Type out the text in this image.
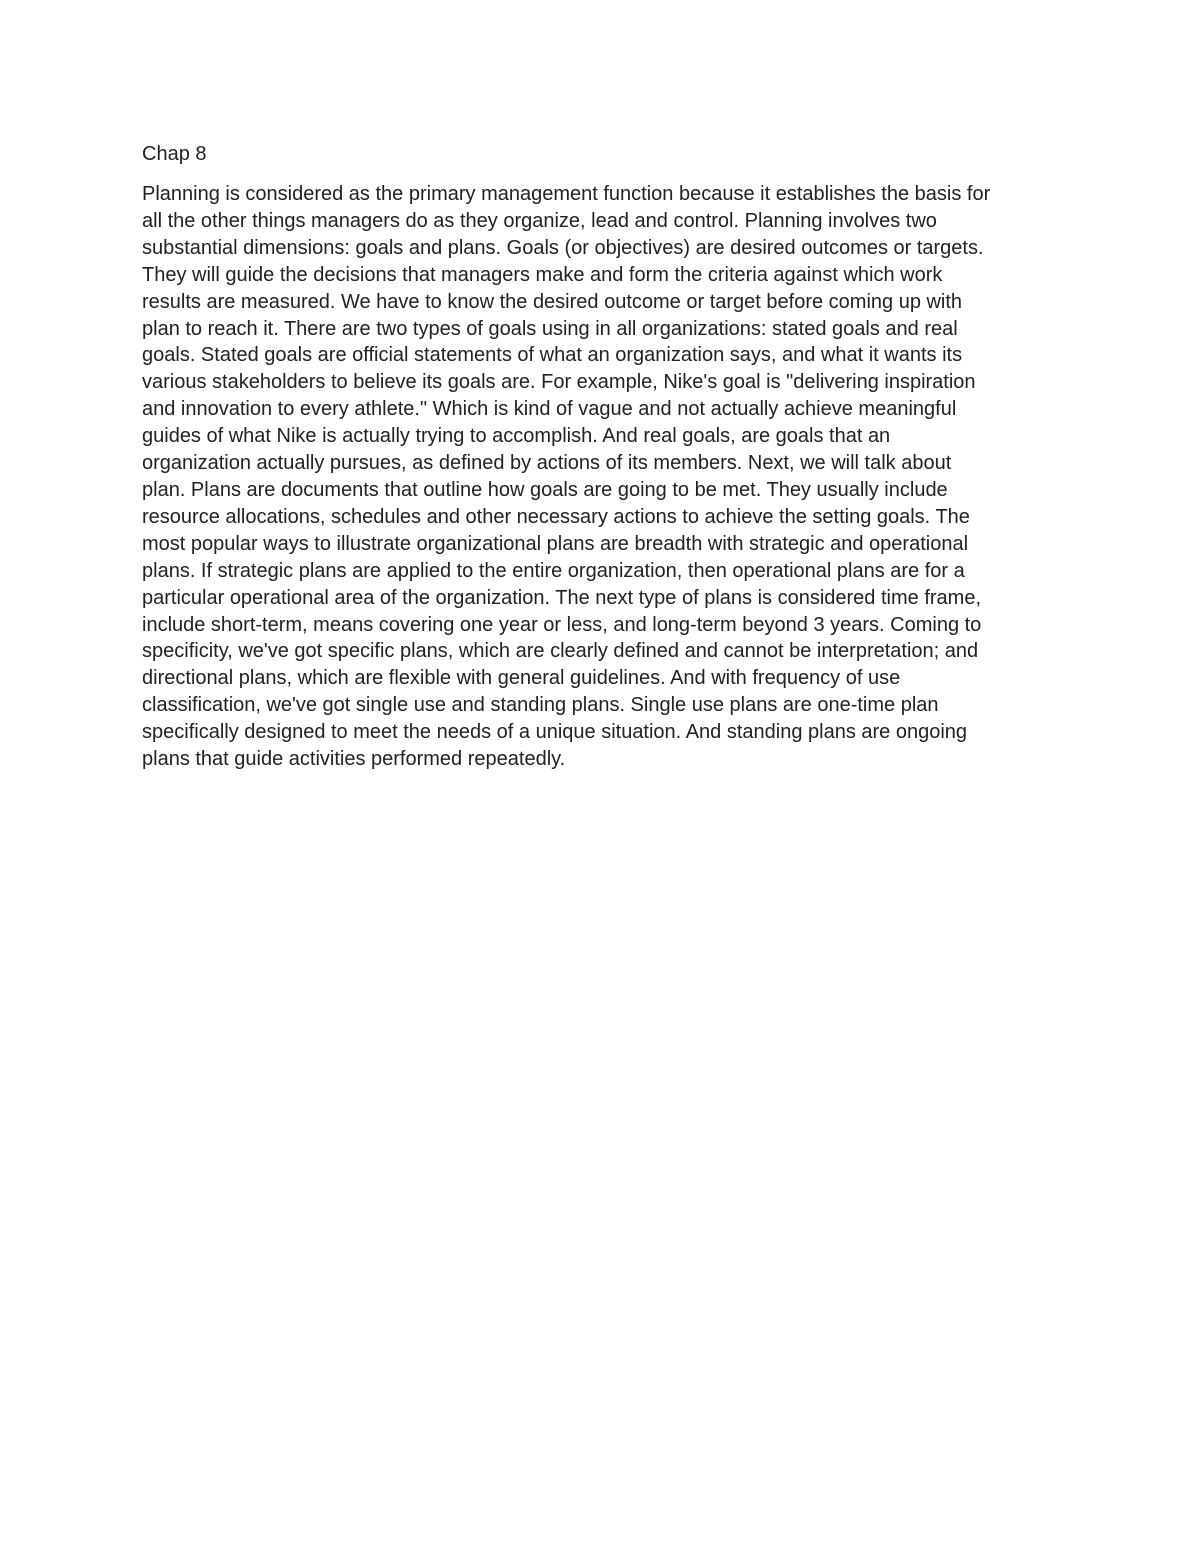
Chap 8
Planning is considered as the primary management function because it establishes the basis for
all the other things managers do as they organize, lead and control. Planning involves two
substantial dimensions: goals and plans. Goals (or objectives) are desired outcomes or targets.
They will guide the decisions that managers make and form the criteria against which work
results are measured. We have to know the desired outcome or target before coming up with
plan to reach it. There are two types of goals using in all organizations: stated goals and real
goals. Stated goals are official statements of what an organization says, and what it wants its
various stakeholders to believe its goals are. For example, Nike's goal is "delivering inspiration
and innovation to every athlete." Which is kind of vague and not actually achieve meaningful
guides of what Nike is actually trying to accomplish. And real goals, are goals that an
organization actually pursues, as defined by actions of its members. Next, we will talk about
plan. Plans are documents that outline how goals are going to be met. They usually include
resource allocations, schedules and other necessary actions to achieve the setting goals. The
most popular ways to illustrate organizational plans are breadth with strategic and operational
plans. If strategic plans are applied to the entire organization, then operational plans are for a
particular operational area of the organization. The next type of plans is considered time frame,
include short-term, means covering one year or less, and long-term beyond 3 years. Coming to
specificity, we've got specific plans, which are clearly defined and cannot be interpretation; and
directional plans, which are flexible with general guidelines. And with frequency of use
classification, we've got single use and standing plans. Single use plans are one-time plan
specifically designed to meet the needs of a unique situation. And standing plans are ongoing
plans that guide activities performed repeatedly.
